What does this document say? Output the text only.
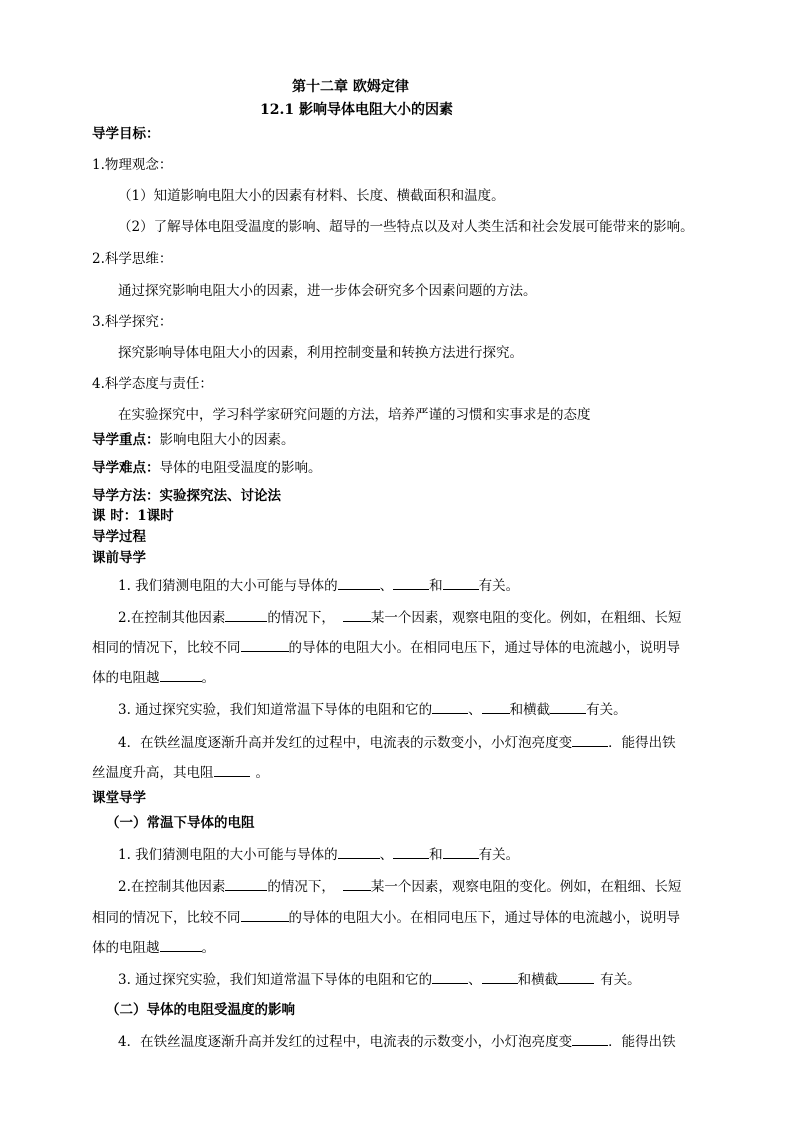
第十二章 欧姆定律
12.1 影响导体电阻大小的因素
导学目标：
1.物理观念：
（1）知道影响电阻大小的因素有材料、长度、横截面积和温度。
（2）了解导体电阻受温度的影响、超导的一些特点以及对人类生活和社会发展可能带来的影响。
2.科学思维：
通过探究影响电阻大小的因素，进一步体会研究多个因素问题的方法。
3.科学探究：
探究影响导体电阻大小的因素，利用控制变量和转换方法进行探究。
4.科学态度与责任：
在实验探究中，学习科学家研究问题的方法，培养严谨的习惯和实事求是的态度
导学重点：影响电阻大小的因素。
导学难点：导体的电阻受温度的影响。
导学方法：实验探究法、讨论法
课 时：1课时
导学过程
课前导学
1. 我们猜测电阻的大小可能与导体的	、	和	有关。
2.在控制其他因素	的情况下，	某一个因素，观察电阻的变化。例如，在粗细、长短
相同的情况下，比较不同	的导体的电阻大小。在相同电压下，通过导体的电流越小，说明导
体的电阻越	。
3. 通过探究实验，我们知道常温下导体的电阻和它的	、 和横截	有关。
4．在铁丝温度逐渐升高并发红的过程中，电流表的示数变小，小灯泡亮度变	．能得出铁
丝温度升高，其电阻	。
课堂导学
（一）常温下导体的电阻
1. 我们猜测电阻的大小可能与导体的	、	和	有关。
2.在控制其他因素	的情况下，	某一个因素，观察电阻的变化。例如，在粗细、长短
相同的情况下，比较不同	的导体的电阻大小。在相同电压下，通过导体的电流越小，说明导
体的电阻越	。
3. 通过探究实验，我们知道常温下导体的电阻和它的	、	和横截	有关。
（二）导体的电阻受温度的影响
4．在铁丝温度逐渐升高并发红的过程中，电流表的示数变小，小灯泡亮度变	．能得出铁
